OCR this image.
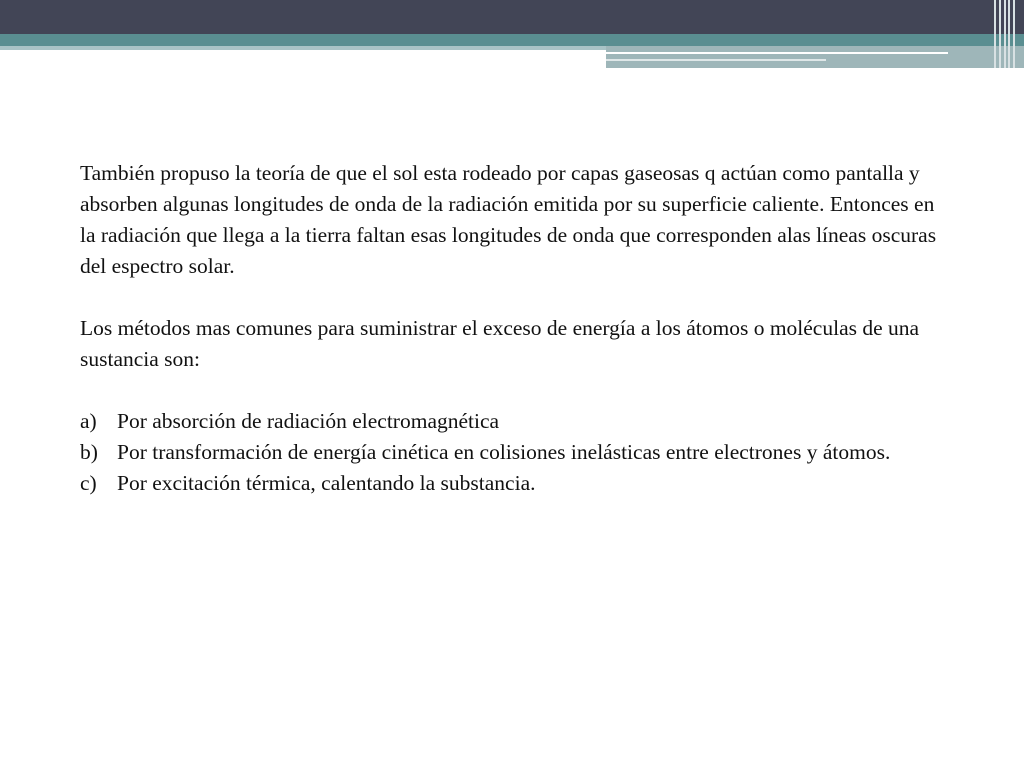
También propuso la teoría de que el sol esta rodeado por capas gaseosas q actúan como pantalla y absorben algunas longitudes de onda de la radiación emitida por su superficie caliente. Entonces en la radiación que llega a la tierra faltan esas longitudes de onda que corresponden alas líneas oscuras del espectro solar.

Los métodos mas comunes para suministrar el exceso de energía a los átomos o moléculas de una sustancia son:

a) Por absorción de radiación electromagnética
b) Por transformación de energía cinética en colisiones inelásticas entre electrones y átomos.
c) Por excitación térmica, calentando la substancia.
